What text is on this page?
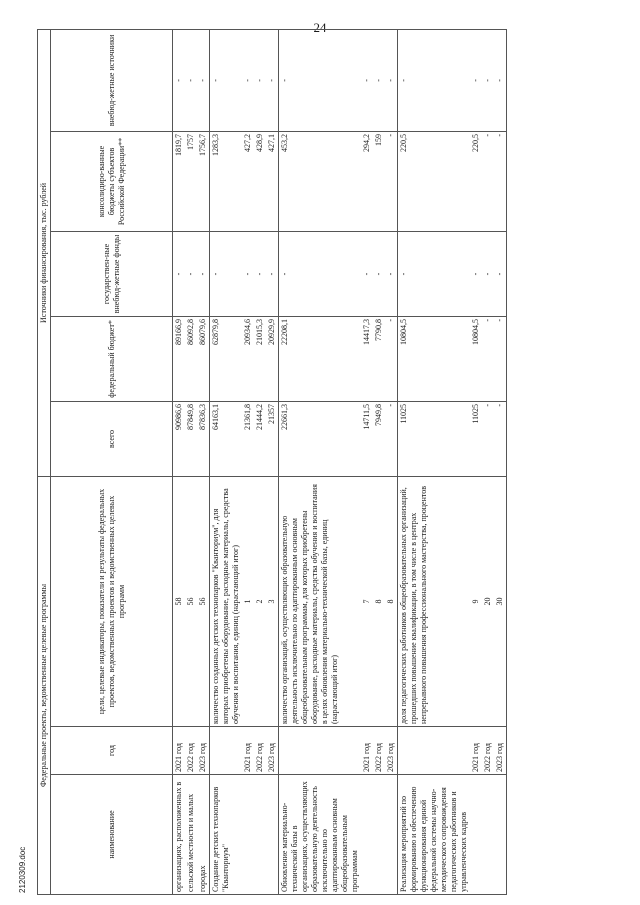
24
Федеральные проекты, ведомственные целевые программы			Источники финансирования, тыс. рублей				
наименование	год	цели, целевые индикаторы, показатели и результаты федеральных проектов, ведомственных проектов и ведомственных целевых программ	всего	федеральный бюджет*	государствен-ные внебюд-жетные фонды	консолидиро-ванные бюджеты субъектов Российской Федерации**	внебюд-жетные источники
организациях, расположенных в	2021 год	58	90986,6	89166,9	-	1819,7	-
сельской местности и малых	2022 год	56	87849,8	86092,8	-	1757	-
городах	2023 год	56	87836,3	86079,6	-	1756,7	-
Создание детских технопарков "Кванториум"		количество созданных детских технопарков "Кванториум", для которых приобретены оборудование, расходные материалы, средства обучения и воспитания, единиц (нарастающий итог)	64163,1	62879,8	-	1283,3	-
	2021 год	1	21361,8	20934,6	-	427,2	-
	2022 год	2	21444,2	21015,3	-	428,9	-
	2023 год	3	21357	20929,9	-	427,1	-
Обновление материально-технической базы в организациях, осуществляющих образовательную деятельность исключительно по адаптированным основным общеобразовательным программам		количество организаций, осуществляющих образовательную деятельность исключительно по адаптированным основным общеобразовательным программам, для которых приобретены оборудование, расходные материалы, средства обучения и воспитания в целях обновления материально-технической базы, единиц (нарастающий итог)	22661,3	22208,1	-	453,2	-
	2021 год	7	14711,5	14417,3	-	294,2	-
	2022 год	8	7949,8	7790,8	-	159	-
	2023 год	8	-	-	-	-	-
Реализация мероприятий по формированию и обеспечению функционирования единой федеральной системы научно-методического сопровождения педагогических работников и управленческих кадров		доля педагогических работников общеобразовательных организаций, прошедших повышение квалификации, в том числе в центрах непрерывного повышения профессионального мастерства, процентов	11025	10804,5	-	220,5	-
	2021 год	9	11025	10804,5	-	220,5	-
	2022 год	20	-	-	-	-	-
	2023 год	30	-	-	-	-	-
2120309.doc
